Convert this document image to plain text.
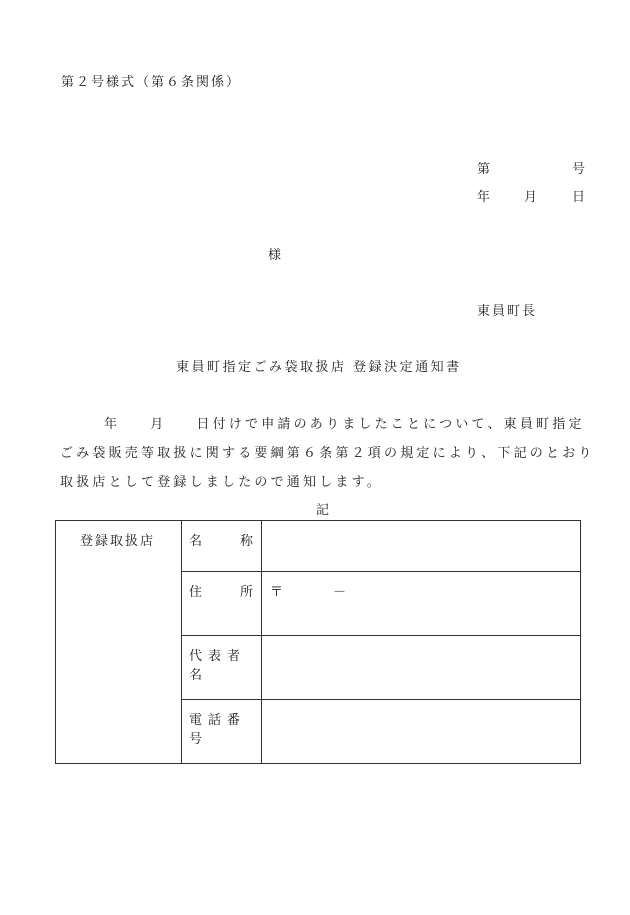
第２号様式（第６条関係）
第	号
年	月	日
様
東員町長
東員町指定ごみ袋取扱店 登録決定通知書
年 月 日付けで申請のありましたことについて、東員町指定
ごみ袋販売等取扱に関する要綱第６条第２項の規定により、下記のとおり
取扱店として登録しましたので通知します。
記
登録取扱店	名 称	

	住 所	〒 －

	代表者名	

	電話番号	
